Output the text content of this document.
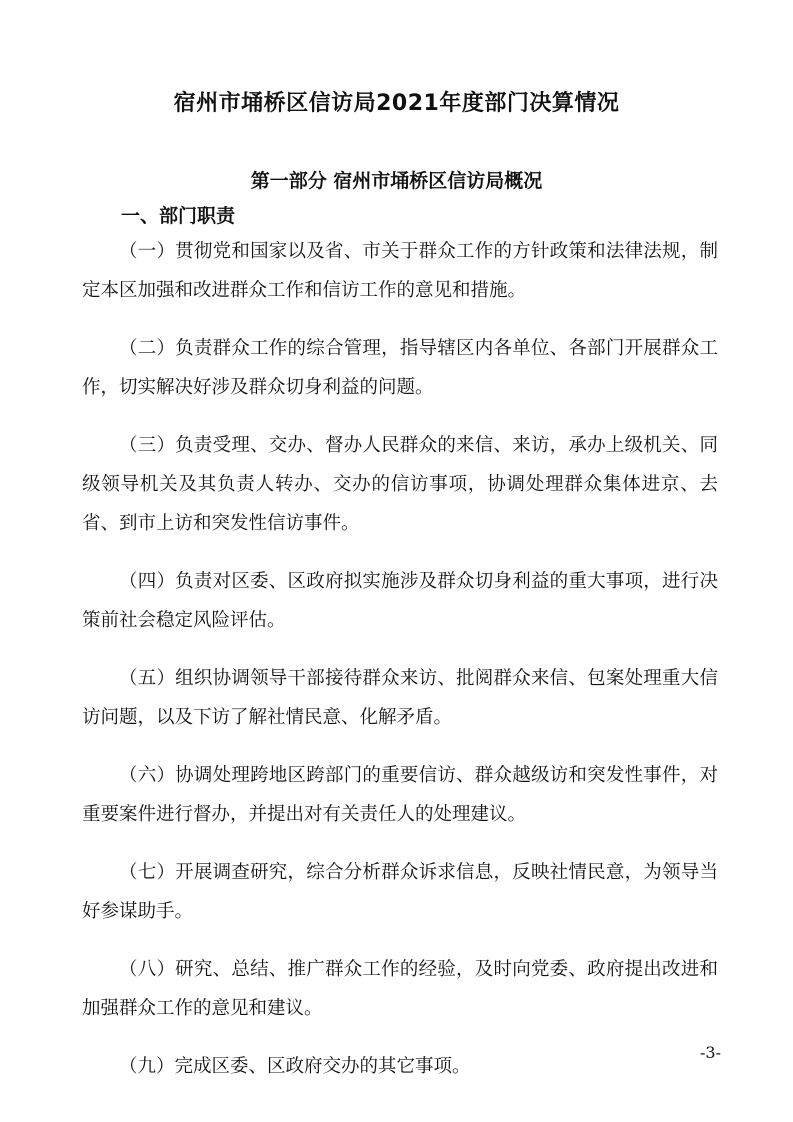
宿州市埇桥区信访局2021年度部门决算情况
第一部分 宿州市埇桥区信访局概况
一、部门职责

（一）贯彻党和国家以及省、市关于群众工作的方针政策和法律法规，制定本区加强和改进群众工作和信访工作的意见和措施。

（二）负责群众工作的综合管理，指导辖区内各单位、各部门开展群众工作，切实解决好涉及群众切身利益的问题。

（三）负责受理、交办、督办人民群众的来信、来访，承办上级机关、同级领导机关及其负责人转办、交办的信访事项，协调处理群众集体进京、去省、到市上访和突发性信访事件。

（四）负责对区委、区政府拟实施涉及群众切身利益的重大事项，进行决策前社会稳定风险评估。

（五）组织协调领导干部接待群众来访、批阅群众来信、包案处理重大信访问题，以及下访了解社情民意、化解矛盾。

（六）协调处理跨地区跨部门的重要信访、群众越级访和突发性事件，对重要案件进行督办，并提出对有关责任人的处理建议。

（七）开展调查研究，综合分析群众诉求信息，反映社情民意，为领导当好参谋助手。

（八）研究、总结、推广群众工作的经验，及时向党委、政府提出改进和加强群众工作的意见和建议。

（九）完成区委、区政府交办的其它事项。

-3-
